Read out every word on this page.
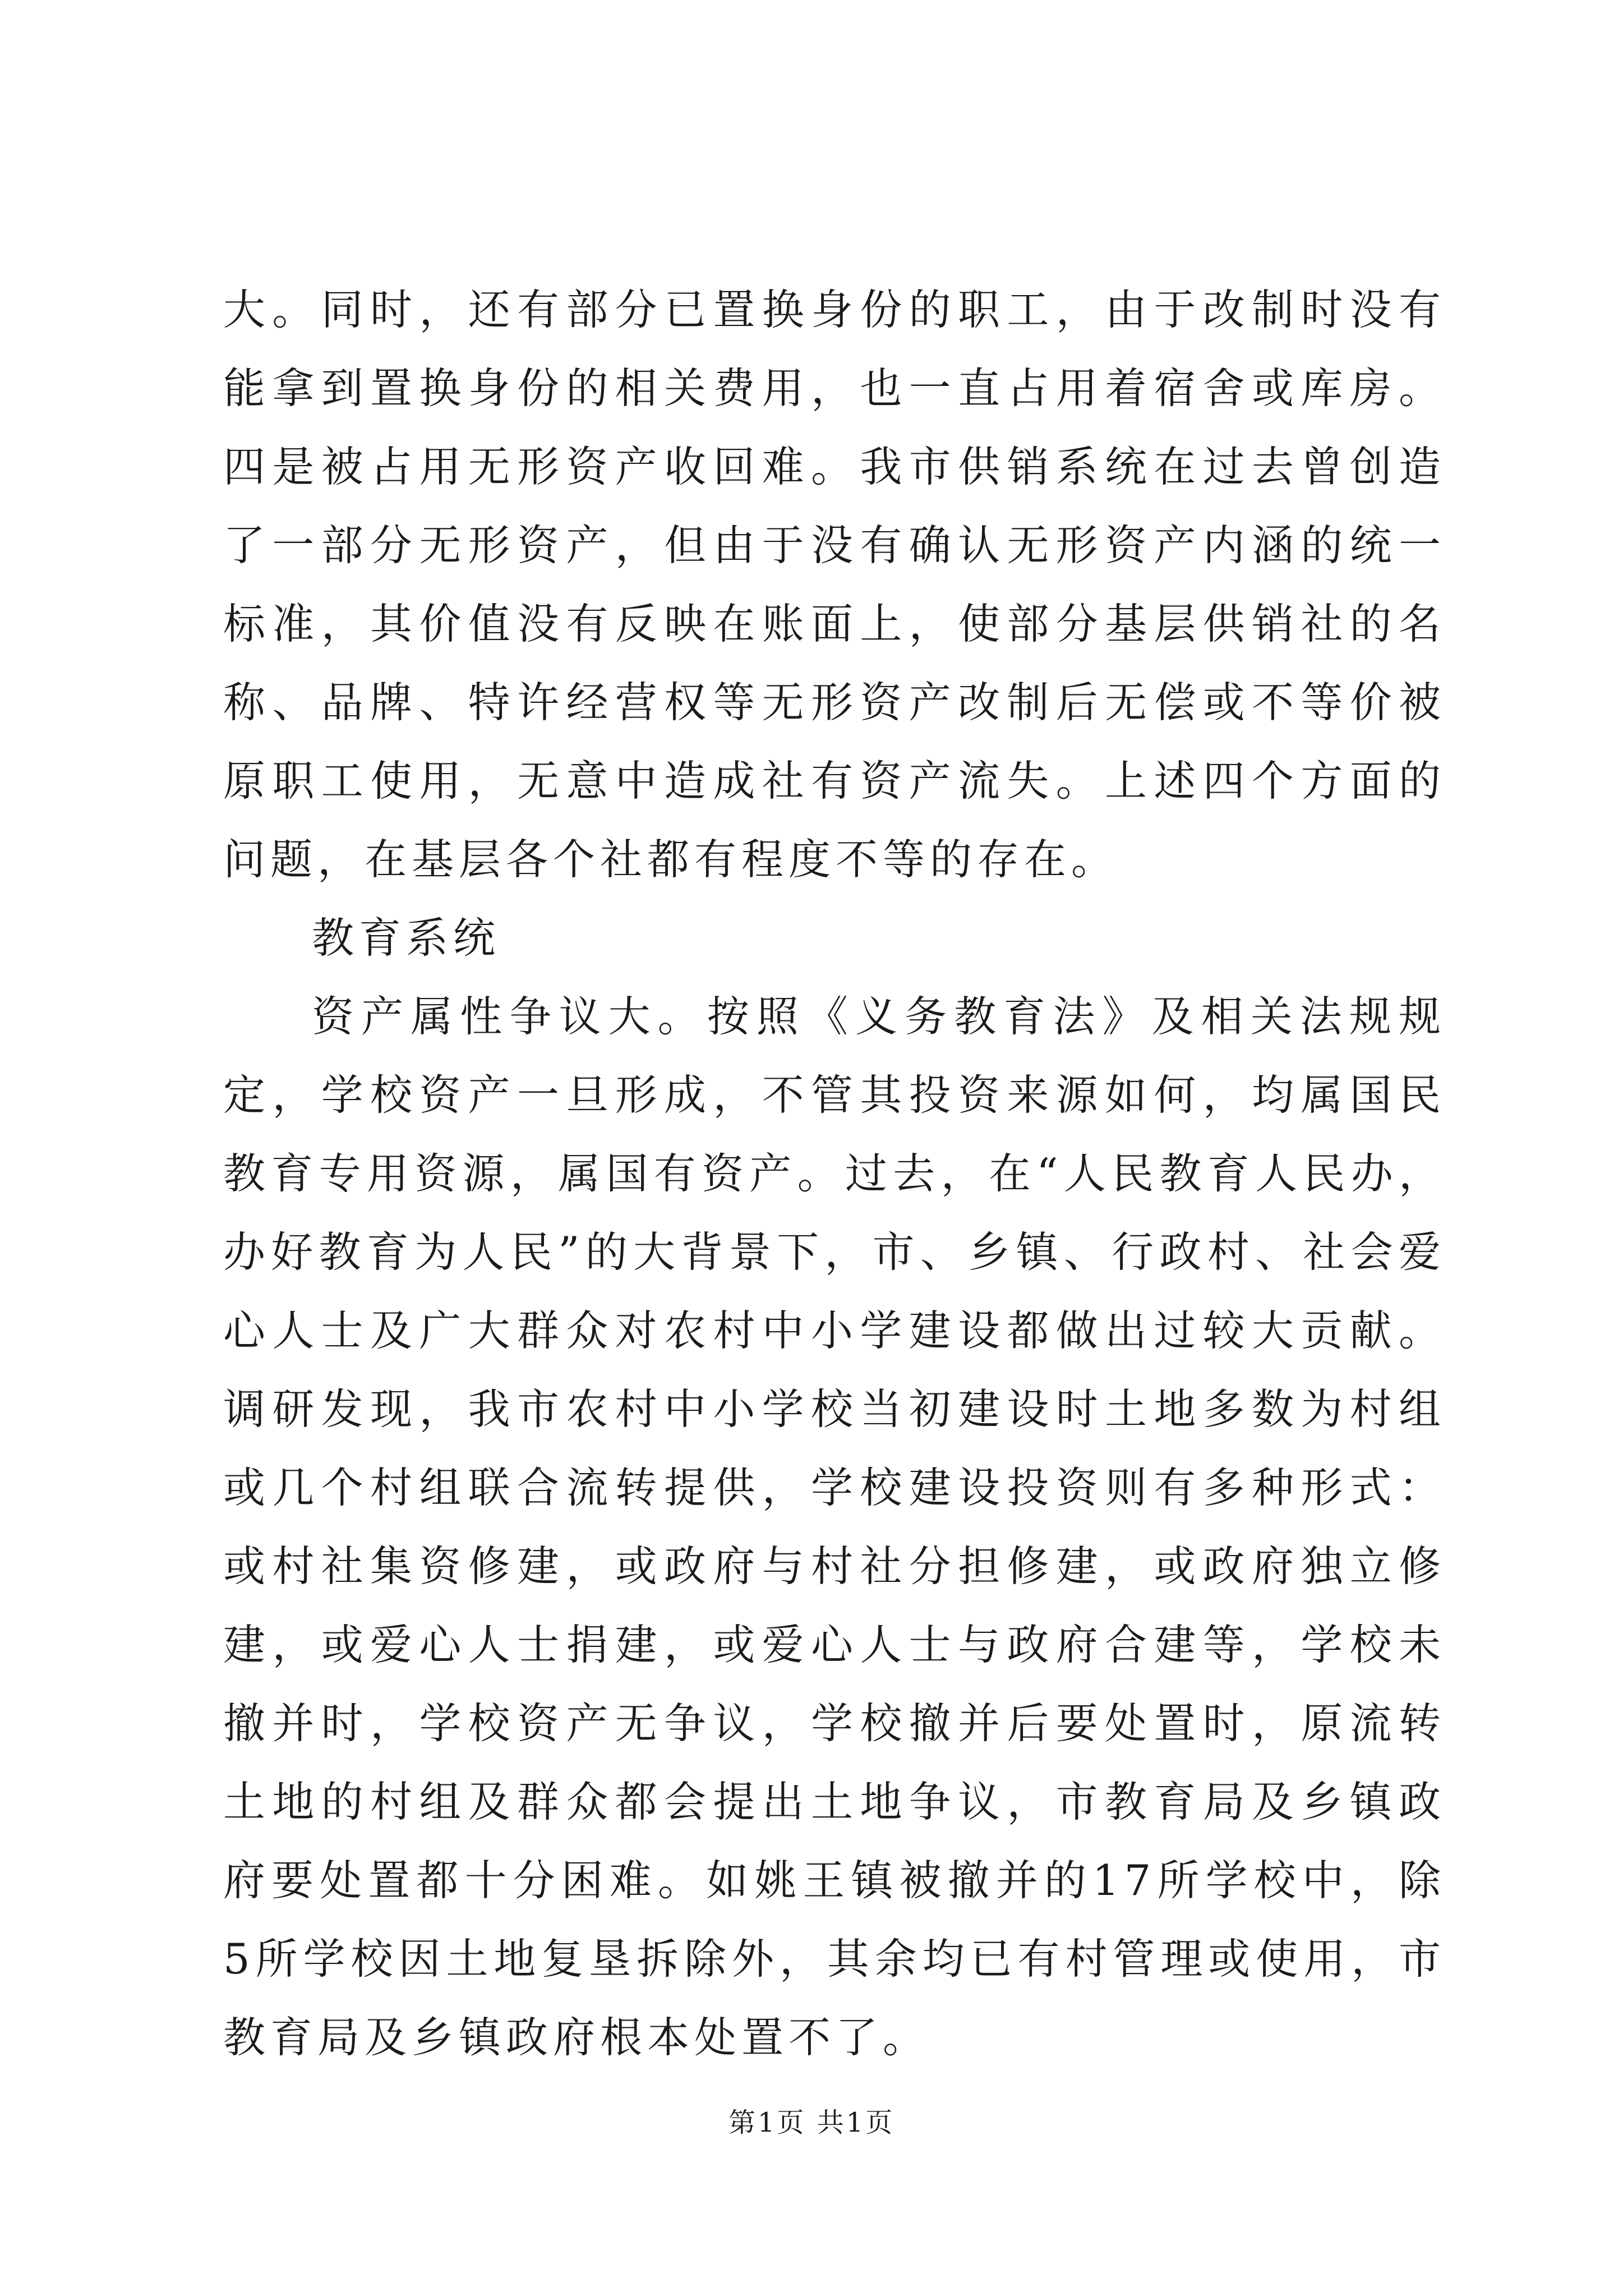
大。同时，还有部分已置换身份的职工，由于改制时没有能拿到置换身份的相关费用，也一直占用着宿舍或库房。四是被占用无形资产收回难。我市供销系统在过去曾创造了一部分无形资产，但由于没有确认无形资产内涵的统一标准，其价值没有反映在账面上，使部分基层供销社的名称、品牌、特许经营权等无形资产改制后无偿或不等价被原职工使用，无意中造成社有资产流失。上述四个方面的问题，在基层各个社都有程度不等的存在。

教育系统

资产属性争议大。按照《义务教育法》及相关法规规定，学校资产一旦形成，不管其投资来源如何，均属国民教育专用资源，属国有资产。过去，在“人民教育人民办，办好教育为人民”的大背景下，市、乡镇、行政村、社会爱心人士及广大群众对农村中小学建设都做出过较大贡献。调研发现，我市农村中小学校当初建设时土地多数为村组或几个村组联合流转提供，学校建设投资则有多种形式：或村社集资修建，或政府与村社分担修建，或政府独立修建，或爱心人士捐建，或爱心人士与政府合建等，学校未撤并时，学校资产无争议，学校撤并后要处置时，原流转土地的村组及群众都会提出土地争议，市教育局及乡镇政府要处置都十分困难。如姚王镇被撤并的17所学校中，除5所学校因土地复垦拆除外，其余均已有村管理或使用，市教育局及乡镇政府根本处置不了。

第1页 共1页
